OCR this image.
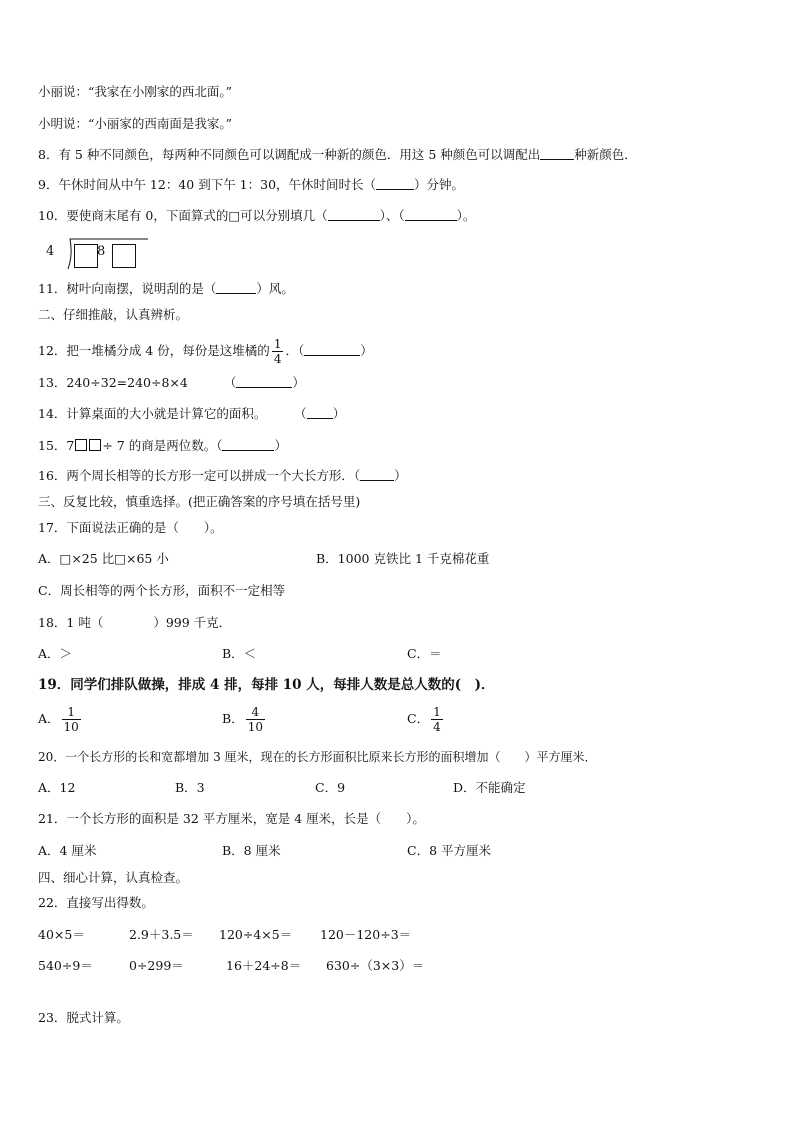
小丽说：“我家在小刚家的西北面。”
小明说：“小丽家的西南面是我家。”
8．有 5 种不同颜色，每两种不同颜色可以调配成一种新的颜色．用这 5 种颜色可以调配出	种新颜色．
9．午休时间从中午 12：40 到下午 1：30，午休时间时长（	）分钟。
10．要使商末尾有 0，下面算式的□可以分别填几（	）、（	）。
4	8
11．树叶向南摆，说明刮的是（	）风。
二、仔细推敲，认真辨析。
12．把一堆橘分成 4 份，每份是这堆橘的 $\frac{1}{4}$ ．（	）
13．240÷32=240÷8×4	（	）
14．计算桌面的大小就是计算它的面积。	（ ）
15．7 ÷ 7 的商是两位数。（	）
16．两个周长相等的长方形一定可以拼成一个大长方形．（	）
三、反复比较，慎重选择。(把正确答案的序号填在括号里)
17．下面说法正确的是（　　）。
A．□×25 比□×65 小	B．1000 克铁比 1 千克棉花重
C．周长相等的两个长方形，面积不一定相等
18．1 吨（　　　　）999 千克．
A．＞	B．＜	C．＝
19．同学们排队做操，排成 4 排，每排 10 人，每排人数是总人数的(　)．
A． $\frac{1}{10}$	B． $\frac{4}{10}$	C． $\frac{1}{4}$
20．一个长方形的长和宽都增加 3 厘米，现在的长方形面积比原来长方形的面积增加（　　）平方厘米．
A．12	B．3	C．9	D．不能确定
21．一个长方形的面积是 32 平方厘米，宽是 4 厘米，长是（　　）。
A．4 厘米	B．8 厘米	C．8 平方厘米
四、细心计算，认真检查。
22．直接写出得数。
40×5＝	2.9＋3.5＝ 120÷4×5＝ 120－120÷3＝
540÷9＝	0÷299＝	16＋24÷8＝ 630÷（3×3）＝
23．脱式计算。
